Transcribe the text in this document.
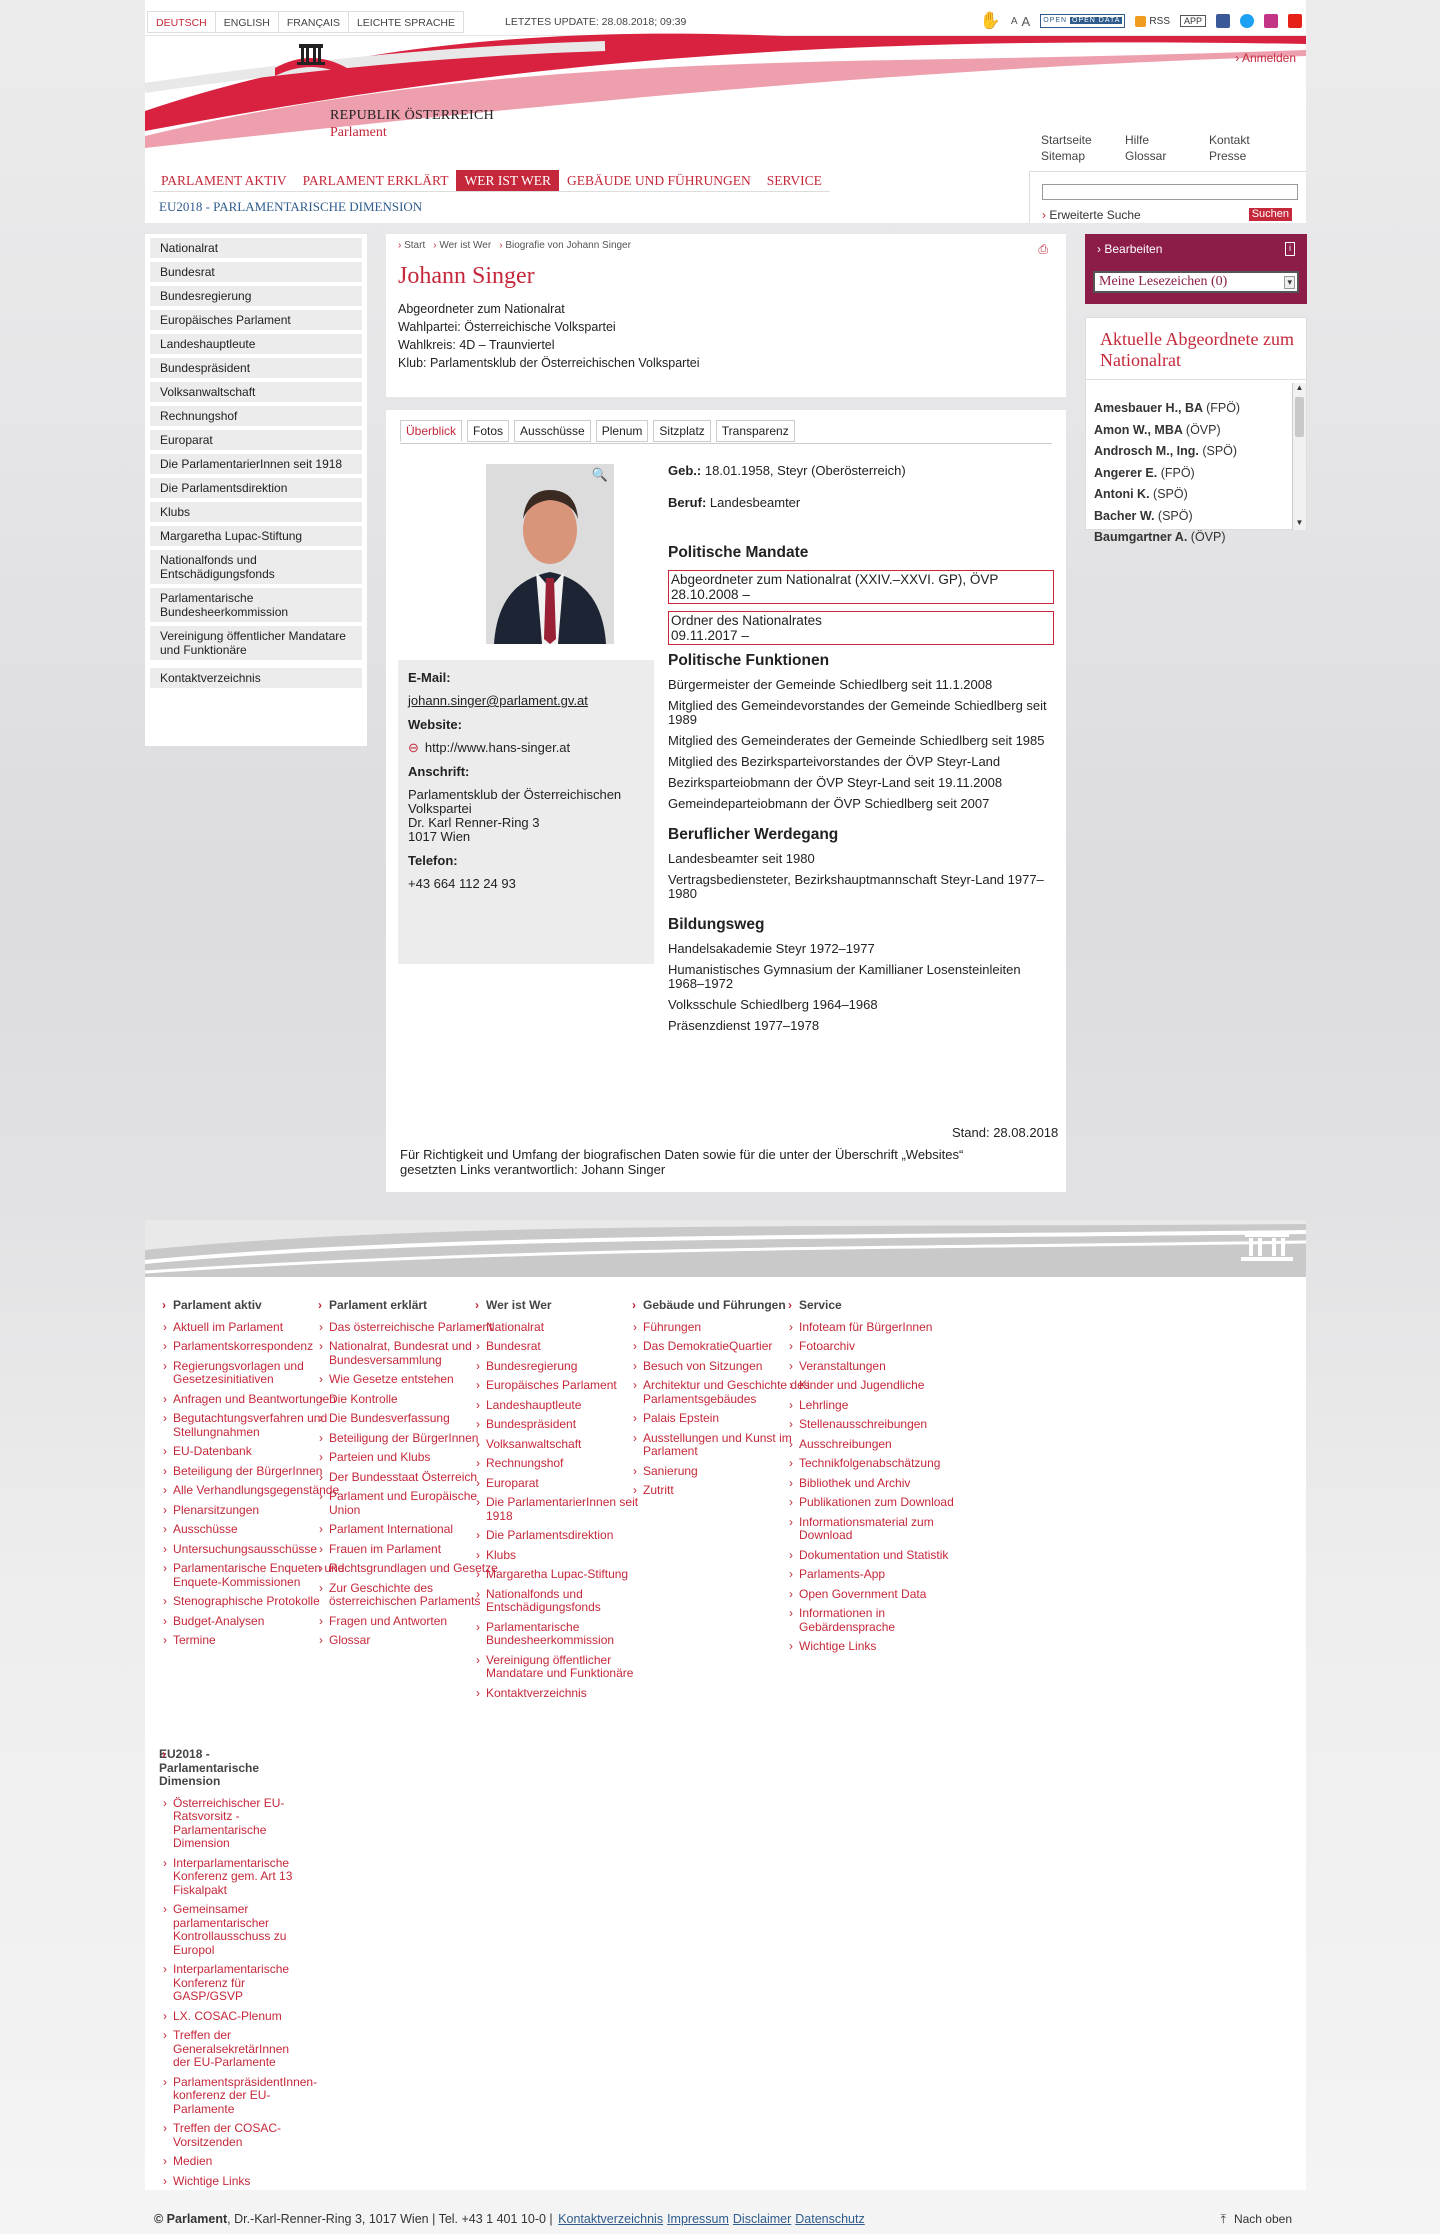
DEUTSCH	ENGLISH	FRANÇAIS	LEICHTE SPRACHE	LETZTES UPDATE: 28.08.2018; 09:39	✋ A A	OPEN OPEN DATA	RSS	APP
REPUBLIK ÖSTERREICH
Parlament
› Anmelden
Startseite	Hilfe	Kontakt
Sitemap	Glossar	Presse
PARLAMENT AKTIV	PARLAMENT ERKLÄRT	WER IST WER	GEBÄUDE UND FÜHRUNGEN	SERVICE
EU2018 - PARLAMENTARISCHE DIMENSION
› Erweiterte Suche	Suchen
Nationalrat
Bundesrat
Bundesregierung
Europäisches Parlament
Landeshauptleute
Bundespräsident
Volksanwaltschaft
Rechnungshof
Europarat
Die ParlamentarierInnen seit 1918
Die Parlamentsdirektion
Klubs
Margaretha Lupac-Stiftung
Nationalfonds und Entschädigungsfonds
Parlamentarische Bundesheerkommission
Vereinigung öffentlicher Mandatare und Funktionäre
Kontaktverzeichnis
› Start › Wer ist Wer › Biografie von Johann Singer	⎙
Johann Singer
Abgeordneter zum Nationalrat
Wahlpartei: Österreichische Volkspartei
Wahlkreis: 4D – Traunviertel
Klub: Parlamentsklub der Österreichischen Volkspartei
Überblick	Fotos	Ausschüsse	Plenum	Sitzplatz	Transparenz
🔍
E-Mail:
johann.singer@parlament.gv.at
Website:
⊖ http://www.hans-singer.at
Anschrift:
Parlamentsklub der Österreichischen
Volkspartei
Dr. Karl Renner-Ring 3
1017 Wien
Telefon:
+43 664 112 24 93
Geb.: 18.01.1958, Steyr (Oberösterreich)
Beruf: Landesbeamter
Politische Mandate
Abgeordneter zum Nationalrat (XXIV.–XXVI. GP), ÖVP
28.10.2008 –
Ordner des Nationalrates
09.11.2017 –
Politische Funktionen
Bürgermeister der Gemeinde Schiedlberg seit 11.1.2008
Mitglied des Gemeindevorstandes der Gemeinde Schiedlberg seit 1989
Mitglied des Gemeinderates der Gemeinde Schiedlberg seit 1985
Mitglied des Bezirksparteivorstandes der ÖVP Steyr-Land
Bezirksparteiobmann der ÖVP Steyr-Land seit 19.11.2008
Gemeindeparteiobmann der ÖVP Schiedlberg seit 2007
Beruflicher Werdegang
Landesbeamter seit 1980
Vertragsbediensteter, Bezirkshauptmannschaft Steyr-Land 1977–1980
Bildungsweg
Handelsakademie Steyr 1972–1977
Humanistisches Gymnasium der Kamillianer Losensteinleiten 1968–1972
Volksschule Schiedlberg 1964–1968
Präsenzdienst 1977–1978
Stand: 28.08.2018
Für Richtigkeit und Umfang der biografischen Daten sowie für die unter der Überschrift „Websites“ gesetzten Links verantwortlich: Johann Singer
› Bearbeiten	i
Meine Lesezeichen (0)	▾
Aktuelle Abgeordnete zum Nationalrat
Amesbauer H., BA (FPÖ)
Amon W., MBA (ÖVP)
Androsch M., Ing. (SPÖ)
Angerer E. (FPÖ)
Antoni K. (SPÖ)
Bacher W. (SPÖ)
Baumgartner A. (ÖVP)
▲
▼
› Parlament aktiv
› Aktuell im Parlament
› Parlamentskorrespondenz
› Regierungsvorlagen und Gesetzesinitiativen
› Anfragen und Beantwortungen
› Begutachtungsverfahren und Stellungnahmen
› EU-Datenbank
› Beteiligung der BürgerInnen
› Alle Verhandlungsgegenstände
› Plenarsitzungen
› Ausschüsse
› Untersuchungsausschüsse
› Parlamentarische Enqueten und Enquete-Kommissionen
› Stenographische Protokolle
› Budget-Analysen
› Termine
› Parlament erklärt
› Das österreichische Parlament
› Nationalrat, Bundesrat und Bundesversammlung
› Wie Gesetze entstehen
› Die Kontrolle
› Die Bundesverfassung
› Beteiligung der BürgerInnen
› Parteien und Klubs
› Der Bundesstaat Österreich
› Parlament und Europäische Union
› Parlament International
› Frauen im Parlament
› Rechtsgrundlagen und Gesetze
› Zur Geschichte des österreichischen Parlaments
› Fragen und Antworten
› Glossar
› Wer ist Wer
› Nationalrat
› Bundesrat
› Bundesregierung
› Europäisches Parlament
› Landeshauptleute
› Bundespräsident
› Volksanwaltschaft
› Rechnungshof
› Europarat
› Die ParlamentarierInnen seit 1918
› Die Parlamentsdirektion
› Klubs
› Margaretha Lupac-Stiftung
› Nationalfonds und Entschädigungsfonds
› Parlamentarische Bundesheerkommission
› Vereinigung öffentlicher Mandatare und Funktionäre
› Kontaktverzeichnis
› Gebäude und Führungen
› Führungen
› Das DemokratieQuartier
› Besuch von Sitzungen
› Architektur und Geschichte des Parlamentsgebäudes
› Palais Epstein
› Ausstellungen und Kunst im Parlament
› Sanierung
› Zutritt
› Service
› Infoteam für BürgerInnen
› Fotoarchiv
› Veranstaltungen
› Kinder und Jugendliche
› Lehrlinge
› Stellenausschreibungen
› Ausschreibungen
› Technikfolgenabschätzung
› Bibliothek und Archiv
› Publikationen zum Download
› Informationsmaterial zum Download
› Dokumentation und Statistik
› Parlaments-App
› Open Government Data
› Informationen in Gebärdensprache
› Wichtige Links
› EU2018 - Parlamentarische Dimension
› Österreichischer EU-Ratsvorsitz - Parlamentarische Dimension
› Interparlamentarische Konferenz gem. Art 13 Fiskalpakt
› Gemeinsamer parlamentarischer Kontrollausschuss zu Europol
› Interparlamentarische Konferenz für GASP/GSVP
› LX. COSAC-Plenum
› Treffen der GeneralsekretärInnen der EU-Parlamente
› ParlamentspräsidentInnen-konferenz der EU-Parlamente
› Treffen der COSAC-Vorsitzenden
› Medien
› Wichtige Links
© Parlament, Dr.-Karl-Renner-Ring 3, 1017 Wien | Tel. +43 1 401 10-0 | Kontaktverzeichnis Impressum Disclaimer Datenschutz	⤒ Nach oben
